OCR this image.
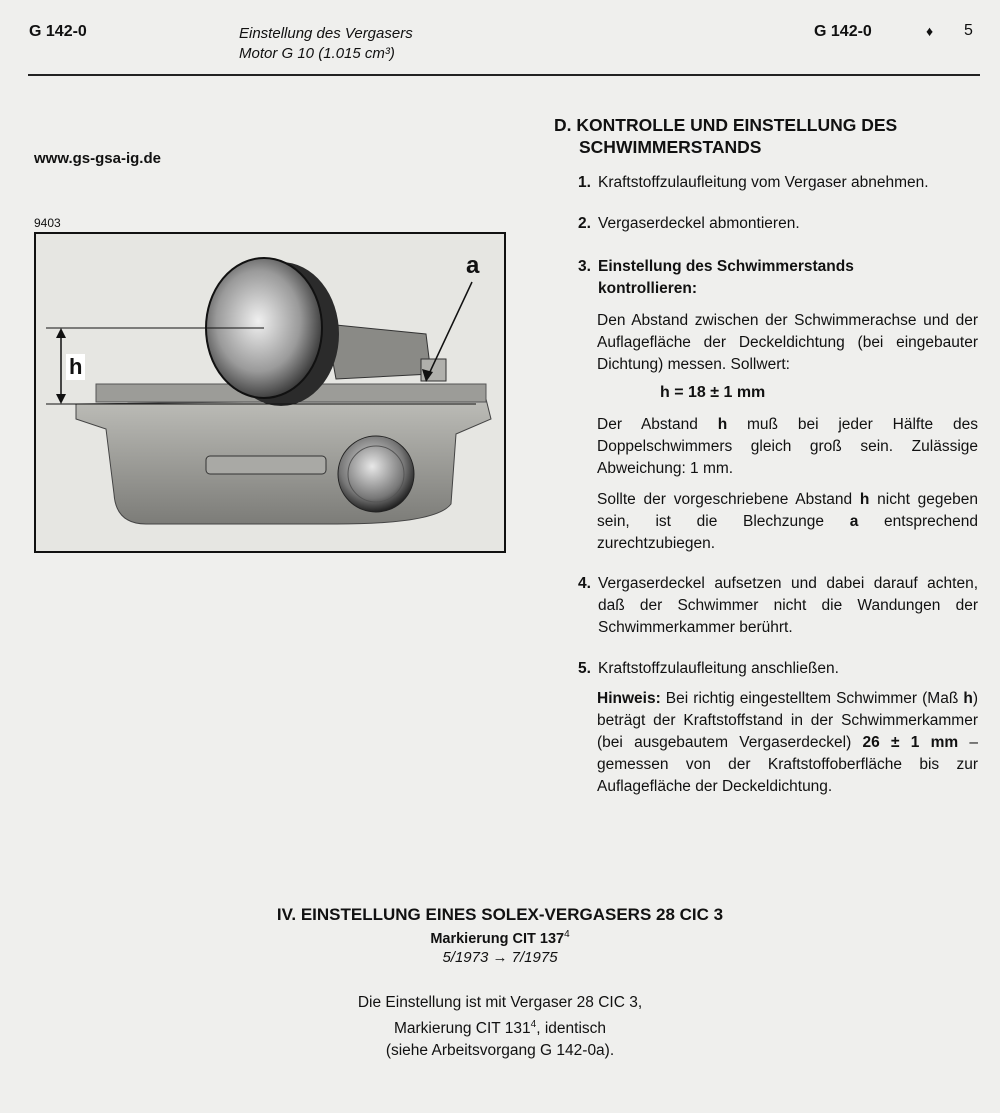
G 142-0	Einstellung des Vergasers
Motor G 10 (1.015 cm³)
G 142-0	♦ 5
www.gs-gsa-ig.de
9403
h
a
D. KONTROLLE UND EINSTELLUNG DES
SCHWIMMERSTANDS
1. Kraftstoffzulaufleitung vom Vergaser abnehmen.
2. Vergaserdeckel abmontieren.
3. Einstellung des Schwimmerstands
kontrollieren:
Den Abstand zwischen der Schwimmerachse und der Auflagefläche der Deckeldichtung (bei eingebauter Dichtung) messen. Sollwert:
h = 18 ± 1 mm
Der Abstand h muß bei jeder Hälfte des Doppelschwimmers gleich groß sein. Zulässige Abweichung: 1 mm.
Sollte der vorgeschriebene Abstand h nicht gegeben sein, ist die Blechzunge a entsprechend zurechtzubiegen.
4. Vergaserdeckel aufsetzen und dabei darauf achten, daß der Schwimmer nicht die Wandungen der Schwimmerkammer berührt.
5. Kraftstoffzulaufleitung anschließen.
Hinweis: Bei richtig eingestelltem Schwimmer (Maß h) beträgt der Kraftstoffstand in der Schwimmerkammer (bei ausgebautem Vergaserdeckel) 26 ± 1 mm – gemessen von der Kraftstoffoberfläche bis zur Auflagefläche der Deckeldichtung.
IV. EINSTELLUNG EINES SOLEX-VERGASERS 28 CIC 3
Markierung CIT $137^4$
5/1973 → 7/1975
Die Einstellung ist mit Vergaser 28 CIC 3,
Markierung CIT $131^4$, identisch
(siehe Arbeitsvorgang G 142-0a).
